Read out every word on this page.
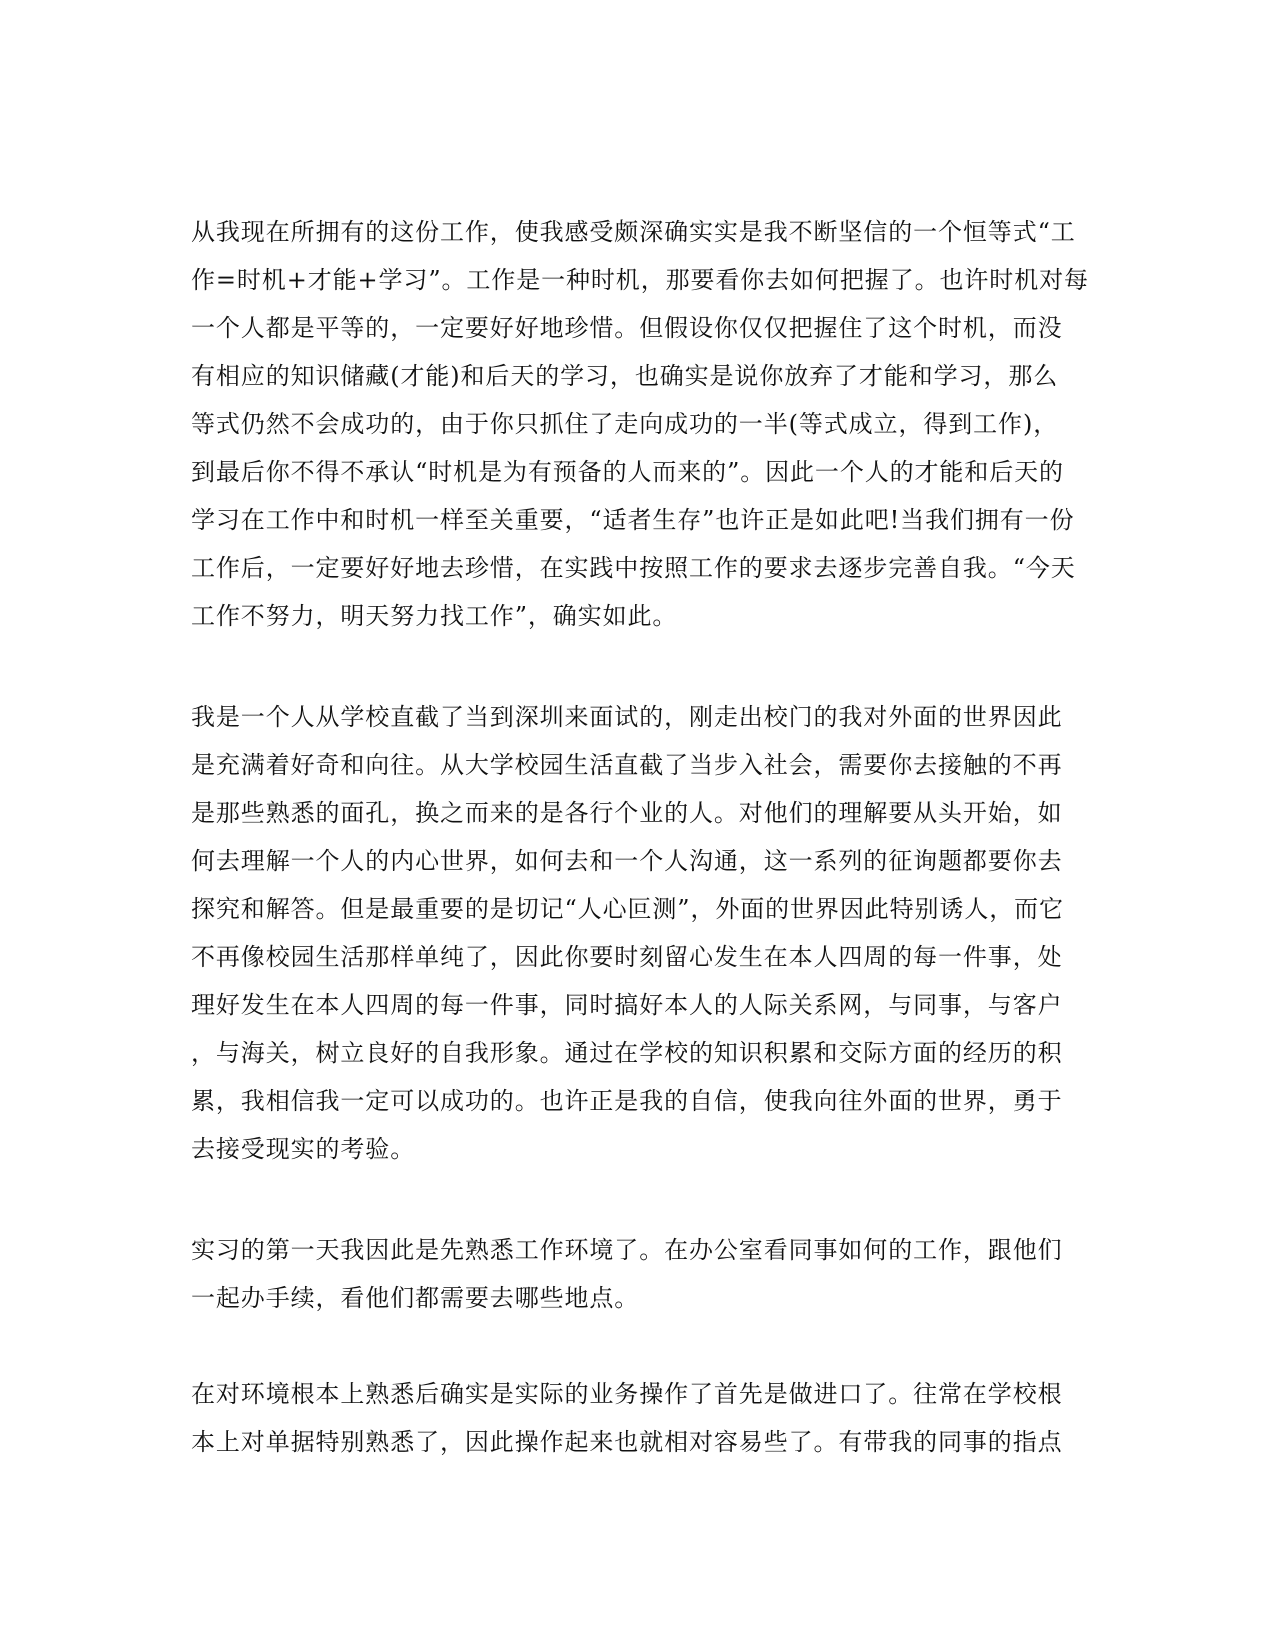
从我现在所拥有的这份工作，使我感受颇深确实实是我不断坚信的一个恒等式“工
作=时机+才能+学习”。工作是一种时机，那要看你去如何把握了。也许时机对每
一个人都是平等的，一定要好好地珍惜。但假设你仅仅把握住了这个时机，而没
有相应的知识储藏(才能)和后天的学习，也确实是说你放弃了才能和学习，那么
等式仍然不会成功的，由于你只抓住了走向成功的一半(等式成立，得到工作)，
到最后你不得不承认“时机是为有预备的人而来的”。因此一个人的才能和后天的
学习在工作中和时机一样至关重要，“适者生存”也许正是如此吧!当我们拥有一份
工作后，一定要好好地去珍惜，在实践中按照工作的要求去逐步完善自我。“今天
工作不努力，明天努力找工作”，确实如此。
我是一个人从学校直截了当到深圳来面试的，刚走出校门的我对外面的世界因此
是充满着好奇和向往。从大学校园生活直截了当步入社会，需要你去接触的不再
是那些熟悉的面孔，换之而来的是各行个业的人。对他们的理解要从头开始，如
何去理解一个人的内心世界，如何去和一个人沟通，这一系列的征询题都要你去
探究和解答。但是最重要的是切记“人心叵测”，外面的世界因此特别诱人，而它
不再像校园生活那样单纯了，因此你要时刻留心发生在本人四周的每一件事，处
理好发生在本人四周的每一件事，同时搞好本人的人际关系网，与同事，与客户
，与海关，树立良好的自我形象。通过在学校的知识积累和交际方面的经历的积
累，我相信我一定可以成功的。也许正是我的自信，使我向往外面的世界，勇于
去接受现实的考验。
实习的第一天我因此是先熟悉工作环境了。在办公室看同事如何的工作，跟他们
一起办手续，看他们都需要去哪些地点。
在对环境根本上熟悉后确实是实际的业务操作了首先是做进口了。往常在学校根
本上对单据特别熟悉了，因此操作起来也就相对容易些了。有带我的同事的指点
